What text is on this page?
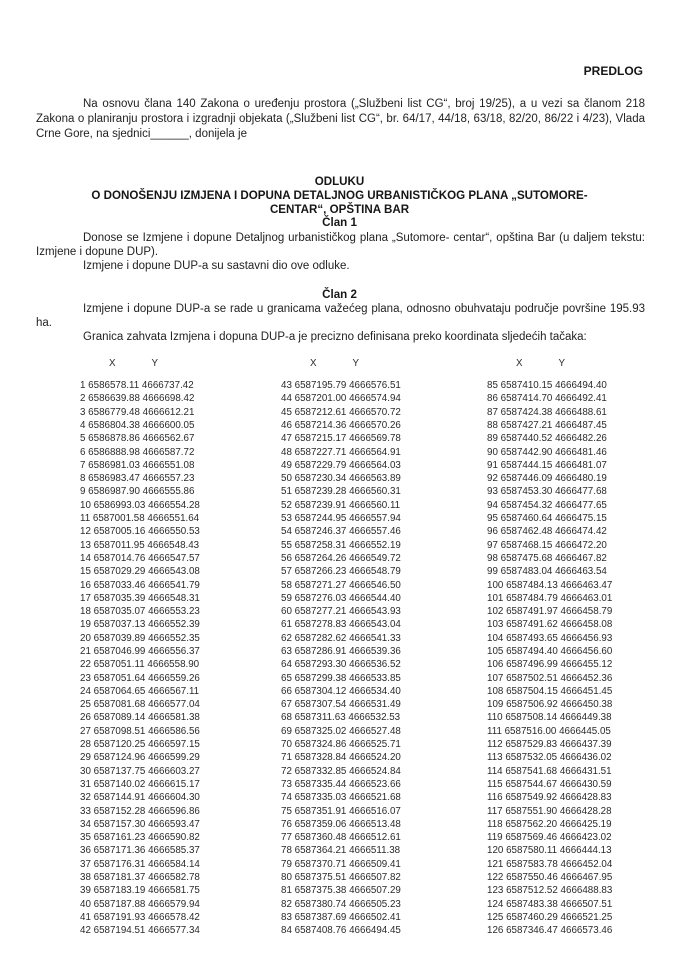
PREDLOG
Na osnovu člana 140 Zakona o uređenju prostora („Službeni list CG“, broj 19/25), a u vezi sa članom 218 Zakona o planiranju prostora i izgradnji objekata („Službeni list CG“, br. 64/17, 44/18, 63/18, 82/20, 86/22 i 4/23), Vlada Crne Gore, na sjednici______, donijela je
ODLUKU
O DONOŠENJU IZMJENA I DOPUNA DETALJNOG URBANISTIČKOG PLANA „SUTOMORE-
CENTAR“, OPŠTINA BAR
Član 1
Donose se Izmjene i dopune Detaljnog urbanističkog plana „Sutomore- centar“, opština Bar (u daljem tekstu: Izmjene i dopune DUP).
Izmjene i dopune DUP-a su sastavni dio ove odluke.
Član 2
Izmjene i dopune DUP-a se rade u granicama važećeg plana, odnosno obuhvataju područje površine 195.93 ha.
Granica zahvata Izmjena i dopuna DUP-a je precizno definisana preko koordinata sljedećih tačaka:
X	Y
1 6586578.11 4666737.42
2 6586639.88 4666698.42
3 6586779.48 4666612.21
4 6586804.38 4666600.05
5 6586878.86 4666562.67
6 6586888.98 4666587.72
7 6586981.03 4666551.08
8 6586983.47 4666557.23
9 6586987.90 4666555.86
10 6586993.03 4666554.28
11 6587001.58 4666551.64
12 6587005.16 4666550.53
13 6587011.95 4666548.43
14 6587014.76 4666547.57
15 6587029.29 4666543.08
16 6587033.46 4666541.79
17 6587035.39 4666548.31
18 6587035.07 4666553.23
19 6587037.13 4666552.39
20 6587039.89 4666552.35
21 6587046.99 4666556.37
22 6587051.11 4666558.90
23 6587051.64 4666559.26
24 6587064.65 4666567.11
25 6587081.68 4666577.04
26 6587089.14 4666581.38
27 6587098.51 4666586.56
28 6587120.25 4666597.15
29 6587124.96 4666599.29
30 6587137.75 4666603.27
31 6587140.02 4666615.17
32 6587144.91 4666604.30
33 6587152.28 4666596.86
34 6587157.30 4666593.47
35 6587161.23 4666590.82
36 6587171.36 4666585.37
37 6587176.31 4666584.14
38 6587181.37 4666582.78
39 6587183.19 4666581.75
40 6587187.88 4666579.94
41 6587191.93 4666578.42
42 6587194.51 4666577.34
X	Y
43 6587195.79 4666576.51
44 6587201.00 4666574.94
45 6587212.61 4666570.72
46 6587214.36 4666570.26
47 6587215.17 4666569.78
48 6587227.71 4666564.91
49 6587229.79 4666564.03
50 6587230.34 4666563.89
51 6587239.28 4666560.31
52 6587239.91 4666560.11
53 6587244.95 4666557.94
54 6587246.37 4666557.46
55 6587258.31 4666552.19
56 6587264.26 4666549.72
57 6587266.23 4666548.79
58 6587271.27 4666546.50
59 6587276.03 4666544.40
60 6587277.21 4666543.93
61 6587278.83 4666543.04
62 6587282.62 4666541.33
63 6587286.91 4666539.36
64 6587293.30 4666536.52
65 6587299.38 4666533.85
66 6587304.12 4666534.40
67 6587307.54 4666531.49
68 6587311.63 4666532.53
69 6587325.02 4666527.48
70 6587324.86 4666525.71
71 6587328.84 4666524.20
72 6587332.85 4666524.84
73 6587335.44 4666523.66
74 6587335.03 4666521.68
75 6587351.91 4666516.07
76 6587359.06 4666513.48
77 6587360.48 4666512.61
78 6587364.21 4666511.38
79 6587370.71 4666509.41
80 6587375.51 4666507.82
81 6587375.38 4666507.29
82 6587380.74 4666505.23
83 6587387.69 4666502.41
84 6587408.76 4666494.45
X	Y
85 6587410.15 4666494.40
86 6587414.70 4666492.41
87 6587424.38 4666488.61
88 6587427.21 4666487.45
89 6587440.52 4666482.26
90 6587442.90 4666481.46
91 6587444.15 4666481.07
92 6587446.09 4666480.19
93 6587453.30 4666477.68
94 6587454.32 4666477.65
95 6587460.64 4666475.15
96 6587462.48 4666474.42
97 6587468.15 4666472.20
98 6587475.68 4666467.82
99 6587483.04 4666463.54
100 6587484.13 4666463.47
101 6587484.79 4666463.01
102 6587491.97 4666458.79
103 6587491.62 4666458.08
104 6587493.65 4666456.93
105 6587494.40 4666456.60
106 6587496.99 4666455.12
107 6587502.51 4666452.36
108 6587504.15 4666451.45
109 6587506.92 4666450.38
110 6587508.14 4666449.38
111 6587516.00 4666445.05
112 6587529.83 4666437.39
113 6587532.05 4666436.02
114 6587541.68 4666431.51
115 6587544.67 4666430.59
116 6587549.92 4666428.83
117 6587551.90 4666428.28
118 6587562.20 4666425.19
119 6587569.46 4666423.02
120 6587580.11 4666444.13
121 6587583.78 4666452.04
122 6587550.46 4666467.95
123 6587512.52 4666488.83
124 6587483.38 4666507.51
125 6587460.29 4666521.25
126 6587346.47 4666573.46
